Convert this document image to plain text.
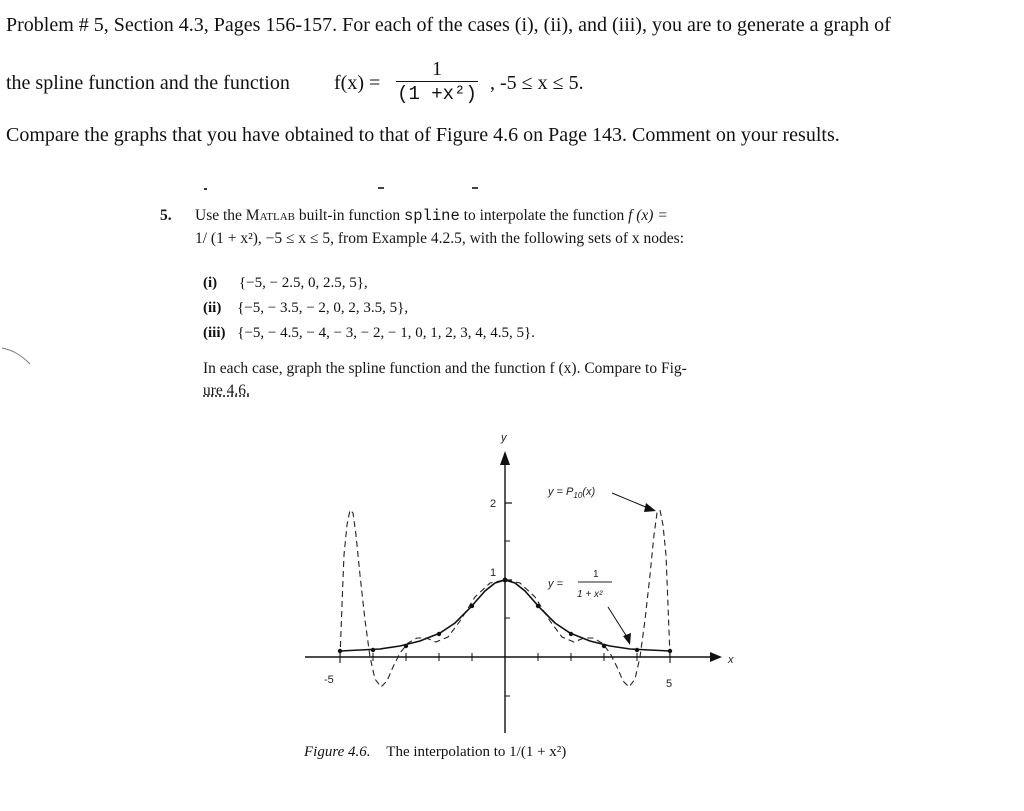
Problem # 5, Section 4.3, Pages 156-157. For each of the cases (i), (ii), and (iii), you are to generate a graph of
the spline function and the function f(x) =
1
(1 +x²) , -5 ≤ x ≤ 5.
Compare the graphs that you have obtained to that of Figure 4.6 on Page 143. Comment on your results.
5. Use the Matlab built-in function spline to interpolate the function f (x) =
1/ (1 + x²), −5 ≤ x ≤ 5, from Example 4.2.5, with the following sets of x nodes:
(i) {−5, − 2.5, 0, 2.5, 5},
(ii) {−5, − 3.5, − 2, 0, 2, 3.5, 5},
(iii) {−5, − 4.5, − 4, − 3, − 2, − 1, 0, 1, 2, 3, 4, 4.5, 5}.
In each case, graph the spline function and the function f (x). Compare to Fig-
ure 4.6.
y
x
2
1
-5	5
$y = P_{10}(x)$
y =
1
1 + x²
Figure 4.6. The interpolation to 1/(1 + x²)
